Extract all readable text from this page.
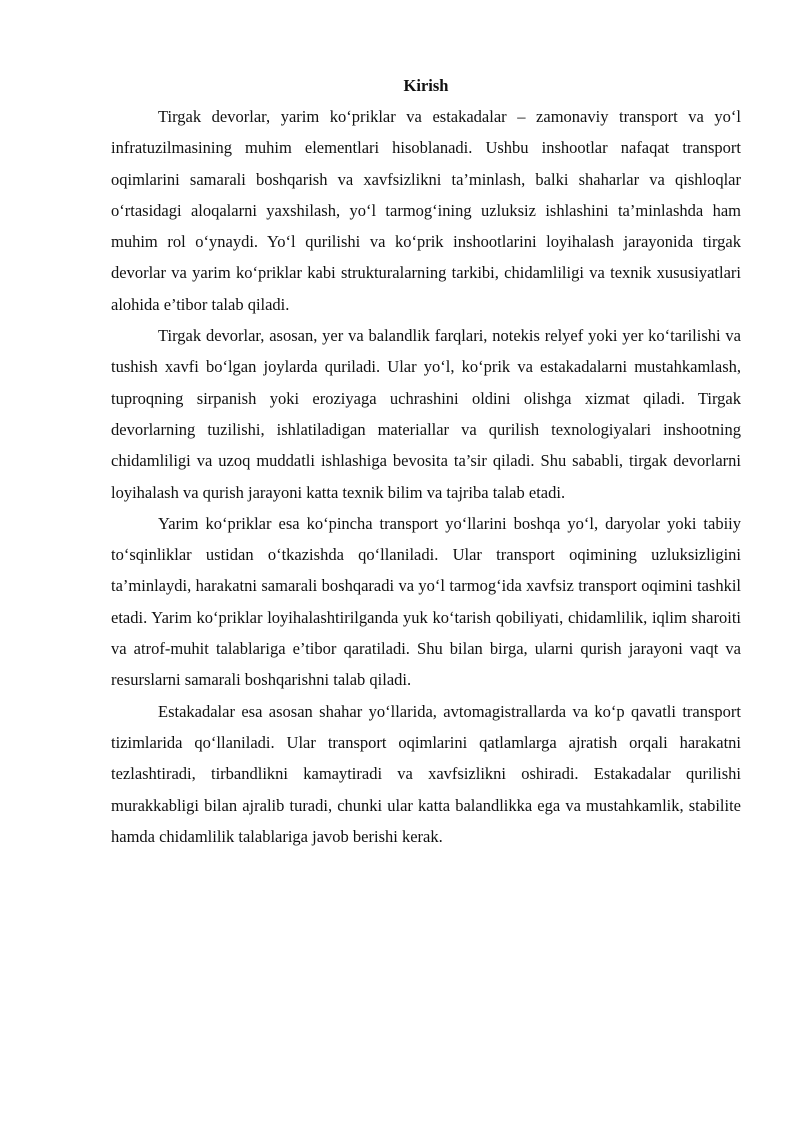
Kirish

Tirgak devorlar, yarim ko‘priklar va estakadalar – zamonaviy transport va yo‘l infratuzilmasining muhim elementlari hisoblanadi. Ushbu inshootlar nafaqat transport oqimlarini samarali boshqarish va xavfsizlikni ta’minlash, balki shaharlar va qishloqlar o‘rtasidagi aloqalarni yaxshilash, yo‘l tarmog‘ining uzluksiz ishlashini ta’minlashda ham muhim rol o‘ynaydi. Yo‘l qurilishi va ko‘prik inshootlarini loyihalash jarayonida tirgak devorlar va yarim ko‘priklar kabi strukturalarning tarkibi, chidamliligi va texnik xususiyatlari alohida e’tibor talab qiladi.

Tirgak devorlar, asosan, yer va balandlik farqlari, notekis relyef yoki yer ko‘tarilishi va tushish xavfi bo‘lgan joylarda quriladi. Ular yo‘l, ko‘prik va estakadalarni mustahkamlash, tuproqning sirpanish yoki eroziyaga uchrashini oldini olishga xizmat qiladi. Tirgak devorlarning tuzilishi, ishlatiladigan materiallar va qurilish texnologiyalari inshootning chidamliligi va uzoq muddatli ishlashiga bevosita ta’sir qiladi. Shu sababli, tirgak devorlarni loyihalash va qurish jarayoni katta texnik bilim va tajriba talab etadi.

Yarim ko‘priklar esa ko‘pincha transport yo‘llarini boshqa yo‘l, daryolar yoki tabiiy to‘sqinliklar ustidan o‘tkazishda qo‘llaniladi. Ular transport oqimining uzluksizligini ta’minlaydi, harakatni samarali boshqaradi va yo‘l tarmog‘ida xavfsiz transport oqimini tashkil etadi. Yarim ko‘priklar loyihalashtirilganda yuk ko‘tarish qobiliyati, chidamlilik, iqlim sharoiti va atrof-muhit talablariga e’tibor qaratiladi. Shu bilan birga, ularni qurish jarayoni vaqt va resurslarni samarali boshqarishni talab qiladi.

Estakadalar esa asosan shahar yo‘llarida, avtomagistrallarda va ko‘p qavatli transport tizimlarida qo‘llaniladi. Ular transport oqimlarini qatlamlarga ajratish orqali harakatni tezlashtiradi, tirbandlikni kamaytiradi va xavfsizlikni oshiradi. Estakadalar qurilishi murakkabligi bilan ajralib turadi, chunki ular katta balandlikka ega va mustahkamlik, stabilite hamda chidamlilik talablariga javob berishi kerak.
